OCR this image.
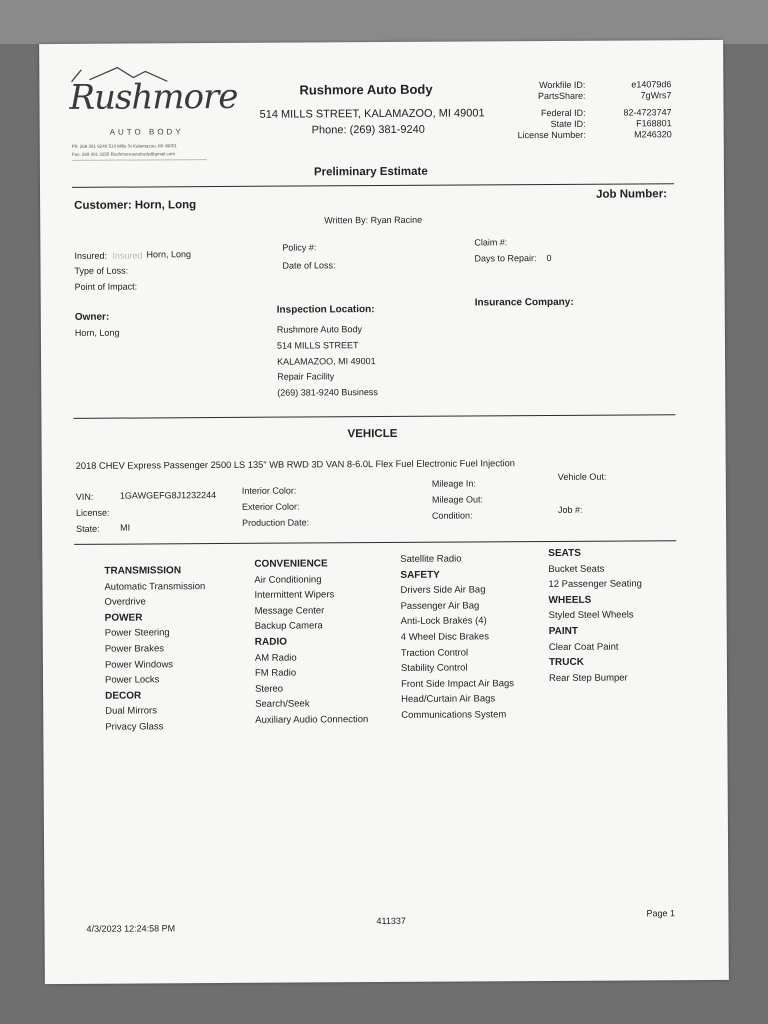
Rushmore
AUTO BODY
Ph: 269 381 9240 514 Mills St Kalamazoo, MI 49001
Fax: 269 381 3255 Rushmoreautobody@gmail.com
Rushmore Auto Body
514 MILLS STREET, KALAMAZOO, MI 49001
Phone: (269) 381-9240
Workfile ID:
PartsShare:
Federal ID:
State ID:
License Number:
e14079d6
7gWrs7
82-4723747
F168801
M246320
Preliminary Estimate
Customer: Horn, Long
Job Number:
Written By: Ryan Racine
Insured: Insured Horn, Long
Type of Loss:
Point of Impact:
Policy #:
Date of Loss:
Claim #:
Days to Repair: 0
Owner:
Horn, Long
Inspection Location:
Rushmore Auto Body
514 MILLS STREET
KALAMAZOO, MI 49001
Repair Facility
(269) 381-9240 Business
Insurance Company:
VEHICLE
2018 CHEV Express Passenger 2500 LS 135" WB RWD 3D VAN 8-6.0L Flex Fuel Electronic Fuel Injection
VIN:	1GAWGEFG8J1232244
License:
State: MI
Interior Color:
Exterior Color:
Production Date:
Mileage In:
Mileage Out:
Condition:
Vehicle Out:
Job #:
TRANSMISSION
Automatic Transmission
Overdrive
POWER
Power Steering
Power Brakes
Power Windows
Power Locks
DECOR
Dual Mirrors
Privacy Glass
CONVENIENCE
Air Conditioning
Intermittent Wipers
Message Center
Backup Camera
RADIO
AM Radio
FM Radio
Stereo
Search/Seek
Auxiliary Audio Connection
Satellite Radio
SAFETY
Drivers Side Air Bag
Passenger Air Bag
Anti-Lock Brakes (4)
4 Wheel Disc Brakes
Traction Control
Stability Control
Front Side Impact Air Bags
Head/Curtain Air Bags
Communications System
SEATS
Bucket Seats
12 Passenger Seating
WHEELS
Styled Steel Wheels
PAINT
Clear Coat Paint
TRUCK
Rear Step Bumper
4/3/2023 12:24:58 PM
411337
Page 1
